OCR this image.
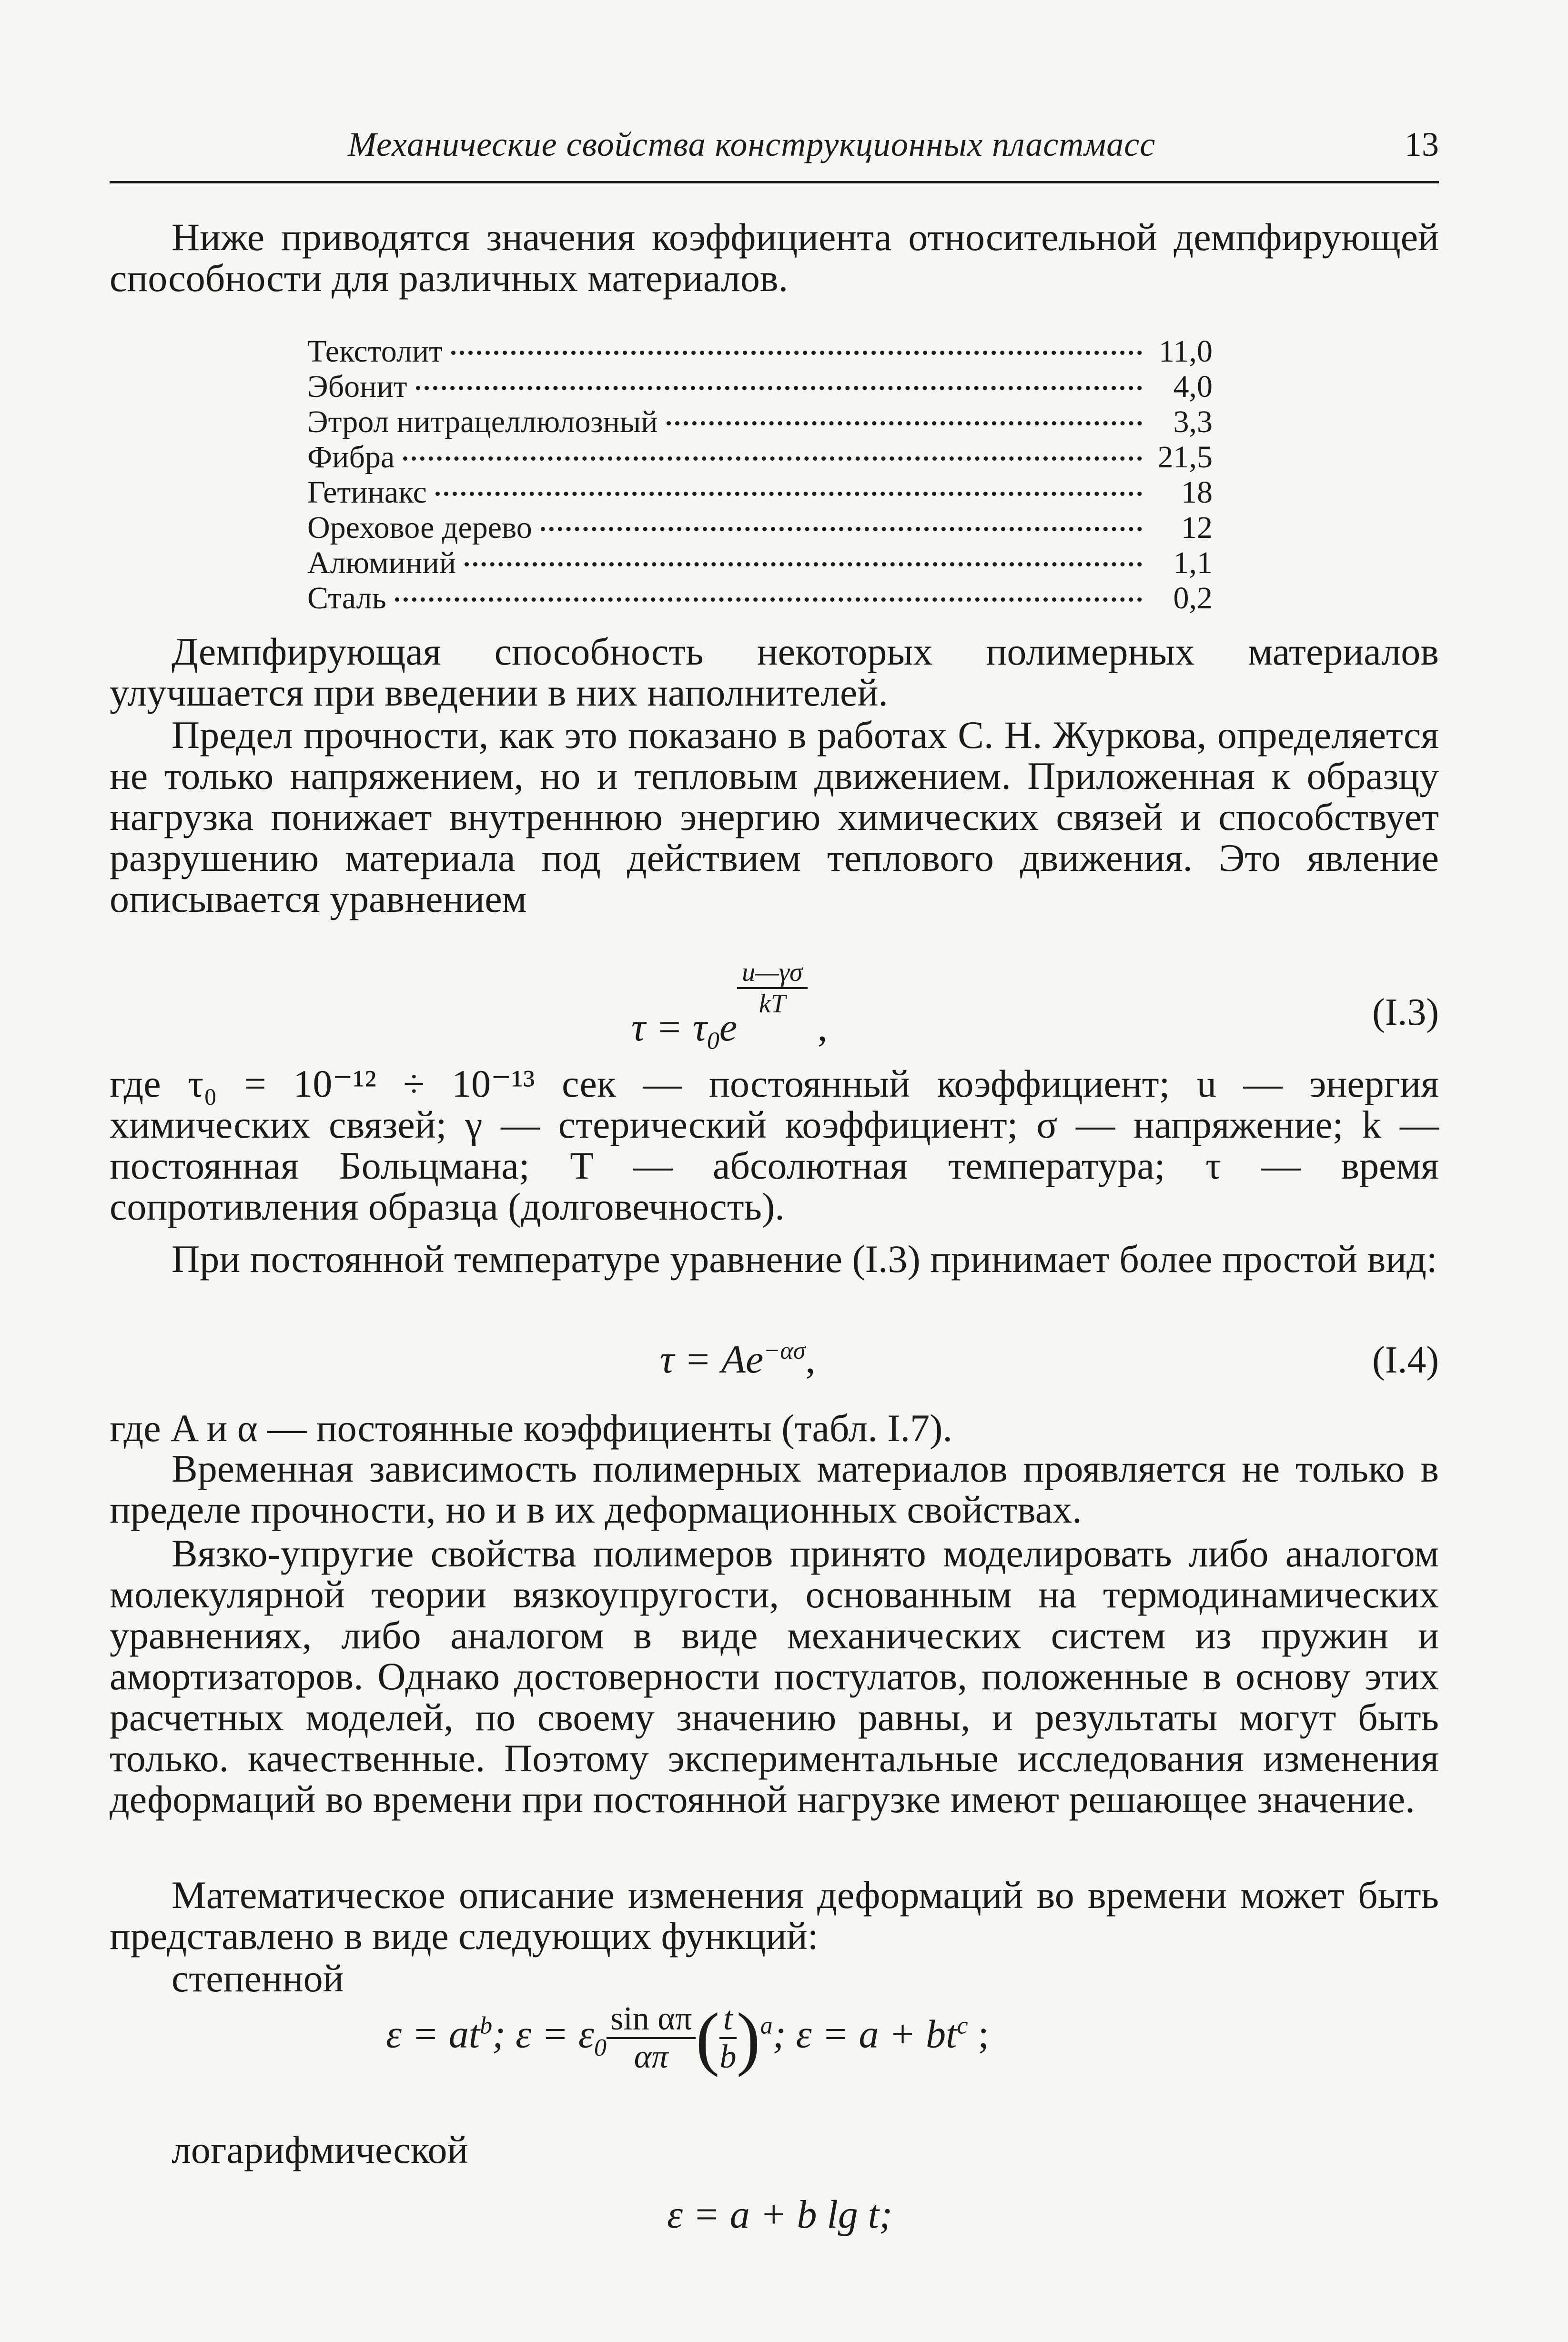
Механические свойства конструкционных пластмасс	13

Ниже приводятся значения коэффициента относительной демпфирующей способности для различных материалов.

Текстолит	11,0
Эбонит	4,0
Этрол нитрацеллюлозный	3,3
Фибра	21,5
Гетинакс	18
Ореховое дерево	12
Алюминий	1,1
Сталь	0,2

Демпфирующая способность некоторых полимерных материалов улучшается при введении в них наполнителей.

Предел прочности, как это показано в работах С. Н. Журкова, определяется не только напряжением, но и тепловым движением. Приложенная к образцу нагрузка понижает внутреннюю энергию химических связей и способствует разрушению материала под действием теплового движения. Это явление описывается уравнением

$\tau = \tau_0e$
$\frac{u—\gamma\sigma}{kT}$
,	(I.3)

где τ₀ = 10⁻¹² ÷ 10⁻¹³ сек — постоянный коэффициент; u — энергия химических связей; γ — стерический коэффициент; σ — напряжение; k — постоянная Больцмана; T — абсолютная температура; τ — время сопротивления образца (долговечность).

При постоянной температуре уравнение (I.3) принимает более простой вид:

$\tau = Ae^{-\alpha\sigma}$,	(I.4)

где A и α — постоянные коэффициенты (табл. I.7).

Временная зависимость полимерных материалов проявляется не только в пределе прочности, но и в их деформационных свойствах.

Вязко-упругие свойства полимеров принято моделировать либо аналогом молекулярной теории вязкоупругости, основанным на термодинамических уравнениях, либо аналогом в виде механических систем из пружин и амортизаторов. Однако достоверности постулатов, положенные в основу этих расчетных моделей, по своему значению равны, и результаты могут быть только. качественные. Поэтому экспериментальные исследования изменения деформаций во времени при постоянной нагрузке имеют решающее значение.

Математическое описание изменения деформаций во времени может быть представлено в виде следующих функций:

степенной

$\varepsilon = at^b$; $\varepsilon = \varepsilon_0 \frac{\text{sin απ}}{\alpha\pi}$ ( $\frac{t}{b} )^a$; $\varepsilon = a + bt^c$ ;

логарифмической

ε = a + b lg t;
